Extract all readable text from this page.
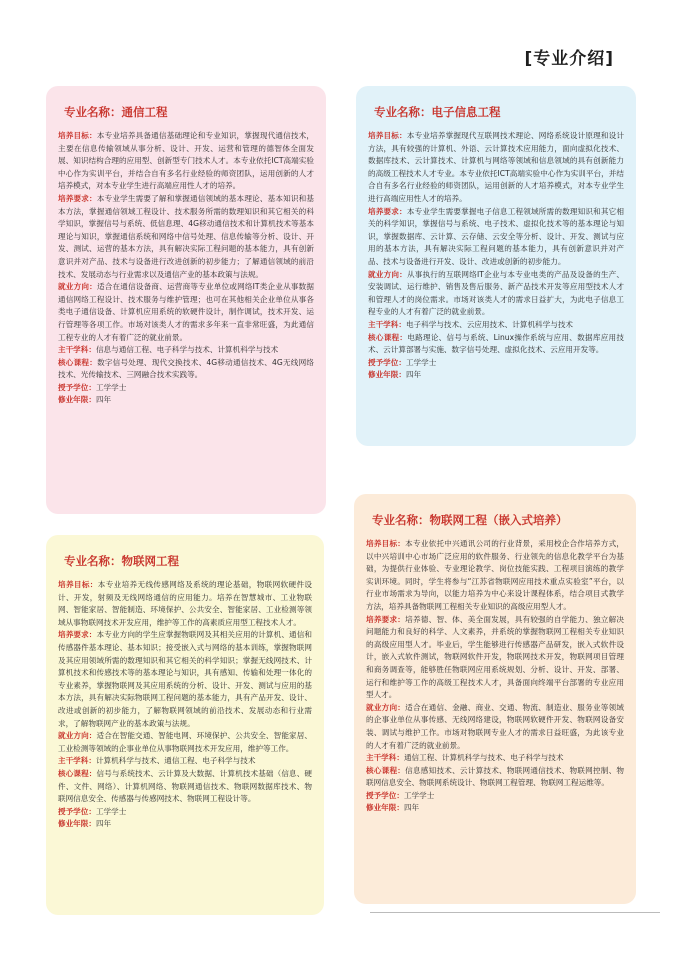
[专业介绍]
专业名称：通信工程

培养目标：本专业培养具备通信基础理论和专业知识，掌握现代通信技术，主要在信息传输领域从事分析、设计、开发、运营和管理的德智体全面发展、知识结构合理的应用型、创新型专门技术人才。本专业依托ICT高端实验中心作为实训平台，并结合自有多名行业经验的师资团队，运用创新的人才培养模式，对本专业学生进行高端应用性人才的培养。

培养要求：本专业学生需要了解和掌握通信领域的基本理论、基本知识和基本方法，掌握通信领域工程设计、技术服务所需的数理知识和其它相关的科学知识，掌握信号与系统、低信息理、4G移动通信技术和计算机技术等基本理论与知识，掌握通信系统和网络中信号处理、信息传输等分析、设计、开发、测试、运营的基本方法，具有解决实际工程问题的基本能力，具有创新意识并对产品、技术与设备进行改进创新的初步能力；了解通信领域的前沿技术、发展动态与行业需求以及通信产业的基本政策与法规。

就业方向：适合在通信设备商、运营商等专业单位或网络IT类企业从事数据通信网络工程设计、技术服务与维护管理；也可在其他相关企业单位从事各类电子通信设备、计算机应用系统的软硬件设计，制作调试，技术开发、运行管理等各项工作。市场对该类人才的需求多年来一直非常旺盛，为此通信工程专业的人才有着广泛的就业前景。

主干学科：信息与通信工程、电子科学与技术、计算机科学与技术

核心课程：数字信号处理、现代交换技术、4G移动通信技术、4G无线网络技术、光传输技术、三网融合技术实践等。

授予学位：工学学士

修业年限：四年

专业名称：电子信息工程

培养目标：本专业培养掌握现代互联网技术理论、网络系统设计原理和设计方法，具有较强的计算机、外语、云计算技术应用能力，面向虚拟化技术、数据库技术、云计算技术、计算机与网络等领域和信息领域的具有创新能力的高级工程技术人才专业。本专业依托ICT高端实验中心作为实训平台，并结合自有多名行业经验的师资团队，运用创新的人才培养模式，对本专业学生进行高端应用性人才的培养。

培养要求：本专业学生需要掌握电子信息工程领域所需的数理知识和其它相关的科学知识，掌握信号与系统、电子技术、虚拟化技术等的基本理论与知识，掌握数据库、云计算、云存储、云安全等分析、设计、开发、测试与应用的基本方法，具有解决实际工程问题的基本能力，具有创新意识并对产品、技术与设备进行开发、设计、改进或创新的初步能力。

就业方向：从事执行的互联网络IT企业与本专业电类的产品及设备的生产、安装调试、运行维护、销售及售后服务、新产品技术开发等应用型技术人才和管理人才的岗位需求。市场对该类人才的需求日益扩大，为此电子信息工程专业的人才有着广泛的就业前景。

主干学科：电子科学与技术、云应用技术、计算机科学与技术

核心课程：电路理论、信号与系统、Linux操作系统与应用、数据库应用技术、云计算部署与实施、数字信号处理、虚拟化技术、云应用开发等。

授予学位：工学学士

修业年限：四年

专业名称：物联网工程

培养目标：本专业培养无线传感网络及系统的理论基础，物联网软硬件设计、开发，射频及无线网络通信的应用能力。培养在智慧城市、工业物联网、智能家居、智能制造、环境保护、公共安全、智能家居、工业检测等领域从事物联网技术开发应用，维护等工作的高素质应用型工程技术人才。

培养要求：本专业方向的学生应掌握物联网及其相关应用的计算机、通信和传感器件基本理论、基本知识；接受嵌入式与网络的基本训练，掌握物联网及其应用领域所需的数理知识和其它相关的科学知识；掌握无线网技术、计算机技术和传感技术等的基本理论与知识，具有感知、传输和处理一体化的专业素养，掌握物联网及其应用系统的分析、设计、开发、测试与应用的基本方法，具有解决实际物联网工程问题的基本能力，具有产品开发、设计、改进或创新的初步能力，了解物联网领域的前沿技术、发展动态和行业需求，了解物联网产业的基本政策与法规。

就业方向：适合在智能交通、智能电网、环境保护、公共安全、智能家居、工业检测等领域的企事业单位从事物联网技术开发应用，维护等工作。

主干学科：计算机科学与技术、通信工程、电子科学与技术

核心课程：信号与系统技术、云计算及大数据、计算机技术基础（信息、硬件、文件、网络）、计算机网络、物联网通信技术、物联网数据库技术、物联网信息安全、传感器与传感网技术、物联网工程设计等。

授予学位：工学学士

修业年限：四年

专业名称：物联网工程（嵌入式培养）

培养目标：本专业依托中兴通讯公司的行业背景，采用校企合作培养方式，以中兴培训中心市场广泛应用的软件服务、行业领先的信息化教学平台为基础，为提供行业体验、专业理论教学、岗位技能实践、工程项目演练的教学实训环境。同时，学生将参与“江苏省物联网应用技术重点实验室”平台，以行业市场需求为导向，以能力培养为中心来设计课程体系，结合项目式教学方法，培养具备物联网工程相关专业知识的高级应用型人才。

培养要求：培养德、智、体、美全面发展，具有较强的自学能力、独立解决问题能力和良好的科学、人文素养，并系统的掌握物联网工程相关专业知识的高级应用型人才。毕业后，学生能够进行传感器产品研发，嵌入式软件设计，嵌入式软件测试，物联网软件开发，物联网技术开发，物联网项目管理和商务调查等，能够胜任物联网应用系统规划、分析、设计、开发、部署、运行和维护等工作的高级工程技术人才，具备面向终端平台部署的专业应用型人才。

就业方向：适合在通信、金融、商业、交通、物流、制造业、服务业等领域的企事业单位从事传感、无线网络建设，物联网软硬件开发、物联网设备安装、调试与维护工作。市场对物联网专业人才的需求日益旺盛，为此该专业的人才有着广泛的就业前景。

主干学科：通信工程、计算机科学与技术、电子科学与技术

核心课程：信息感知技术、云计算技术、物联网通信技术、物联网控制、物联网信息安全、物联网系统设计、物联网工程管理、物联网工程运维等。

授予学位：工学学士

修业年限：四年
